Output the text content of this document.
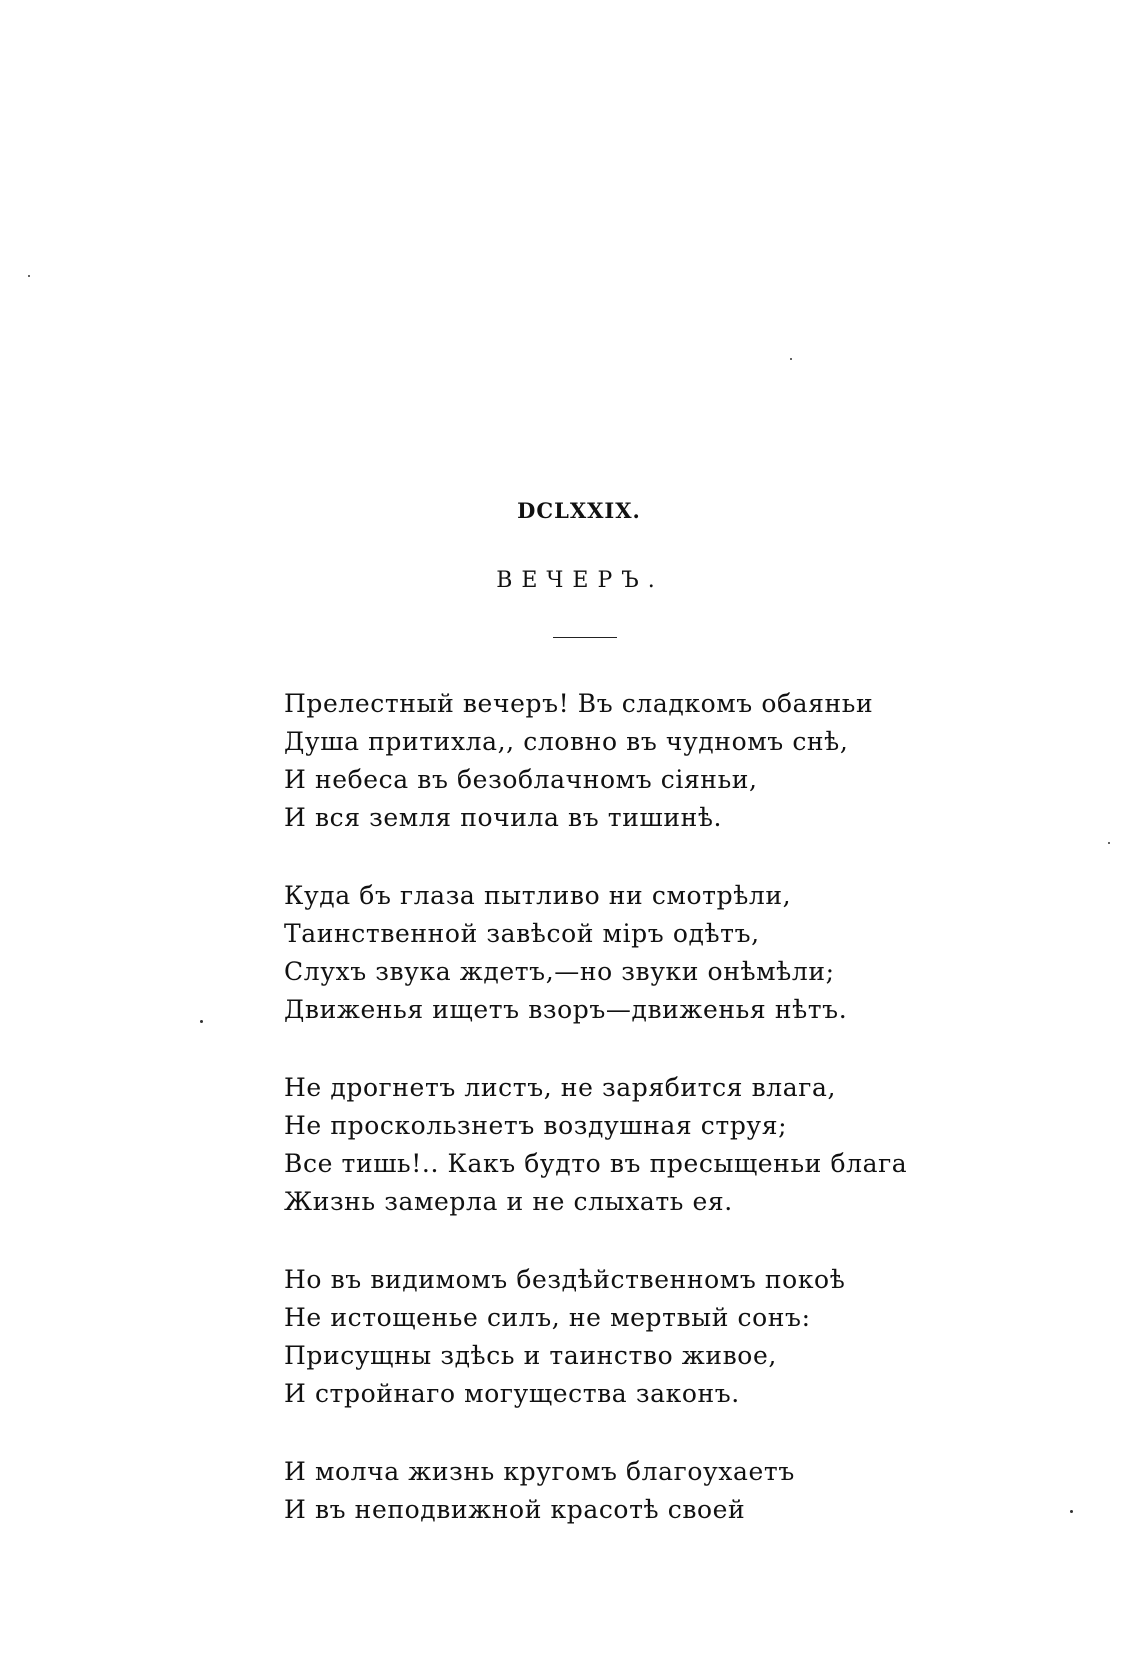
DCLXXIX.
ВЕЧЕРЪ.
Прелестный вечеръ! Въ сладкомъ обаяньи
Душа притихла,, словно въ чудномъ снѣ,
И небеса въ безоблачномъ сіяньи,
И вся земля почила въ тишинѣ.
Куда бъ глаза пытливо ни смотрѣли,
Таинственной завѣсой міръ одѣтъ,
Слухъ звука ждетъ,—но звуки онѣмѣли;
Движенья ищетъ взоръ—движенья нѣтъ.
Не дрогнетъ листъ, не зарябится влага,
Не проскользнетъ воздушная струя;
Все тишь!.. Какъ будто въ пресыщеньи блага
Жизнь замерла и не слыхать ея.
Но въ видимомъ бездѣйственномъ покоѣ
Не истощенье силъ, не мертвый сонъ:
Присущны здѣсь и таинство живое,
И стройнаго могущества законъ.
И молча жизнь кругомъ благоухаетъ
И въ неподвижной красотѣ своей
